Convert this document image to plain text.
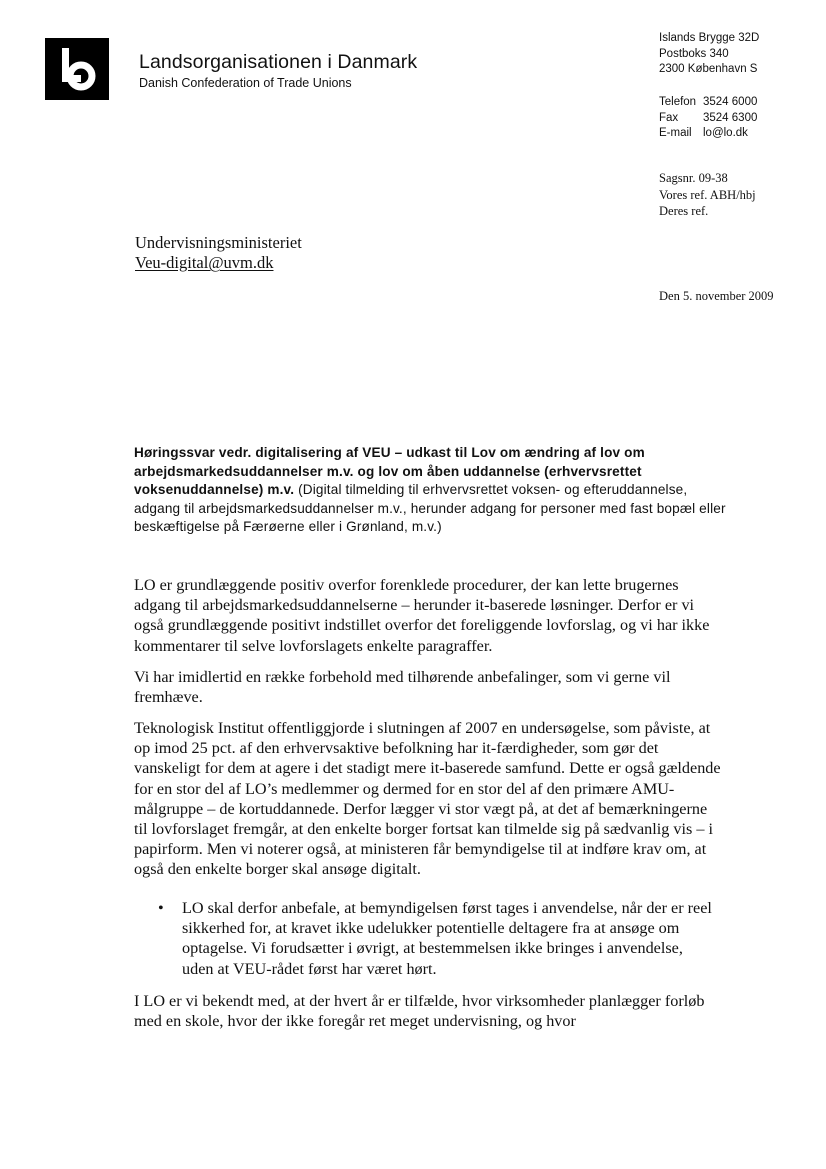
Landsorganisationen i Danmark
Danish Confederation of Trade Unions
Islands Brygge 32D
Postboks 340
2300 København S
Telefon 3524 6000
Fax	3524 6300
E-mail lo@lo.dk
Sagsnr. 09-38
Vores ref. ABH/hbj
Deres ref.
Undervisningsministeriet
Veu-digital@uvm.dk
Den 5. november 2009
Høringssvar vedr. digitalisering af VEU – udkast til Lov om ændring af lov om arbejdsmarkedsuddannelser m.v. og lov om åben uddannelse (erhvervsrettet voksenuddannelse) m.v. (Digital tilmelding til erhvervsrettet voksen- og efteruddannelse, adgang til arbejdsmarkedsuddannelser m.v., herunder adgang for personer med fast bopæl eller beskæftigelse på Færøerne eller i Grønland, m.v.)
LO er grundlæggende positiv overfor forenklede procedurer, der kan lette brugernes adgang til arbejdsmarkedsuddannelserne – herunder it-baserede løsninger. Derfor er vi også grundlæggende positivt indstillet overfor det foreliggende lovforslag, og vi har ikke kommentarer til selve lovforslagets enkelte paragraffer.
Vi har imidlertid en række forbehold med tilhørende anbefalinger, som vi gerne vil fremhæve.
Teknologisk Institut offentliggjorde i slutningen af 2007 en undersøgelse, som påviste, at op imod 25 pct. af den erhvervsaktive befolkning har it-færdigheder, som gør det vanskeligt for dem at agere i det stadigt mere it-baserede samfund. Dette er også gældende for en stor del af LO’s medlemmer og dermed for en stor del af den primære AMU-målgruppe – de kortuddannede. Derfor lægger vi stor vægt på, at det af bemærkningerne til lovforslaget fremgår, at den enkelte borger fortsat kan tilmelde sig på sædvanlig vis – i papirform. Men vi noterer også, at ministeren får bemyndigelse til at indføre krav om, at også den enkelte borger skal ansøge digitalt.
• LO skal derfor anbefale, at bemyndigelsen først tages i anvendelse, når der er reel sikkerhed for, at kravet ikke udelukker potentielle deltagere fra at ansøge om optagelse. Vi forudsætter i øvrigt, at bestemmelsen ikke bringes i anvendelse, uden at VEU-rådet først har været hørt.
I LO er vi bekendt med, at der hvert år er tilfælde, hvor virksomheder planlægger forløb med en skole, hvor der ikke foregår ret meget undervisning, og hvor
